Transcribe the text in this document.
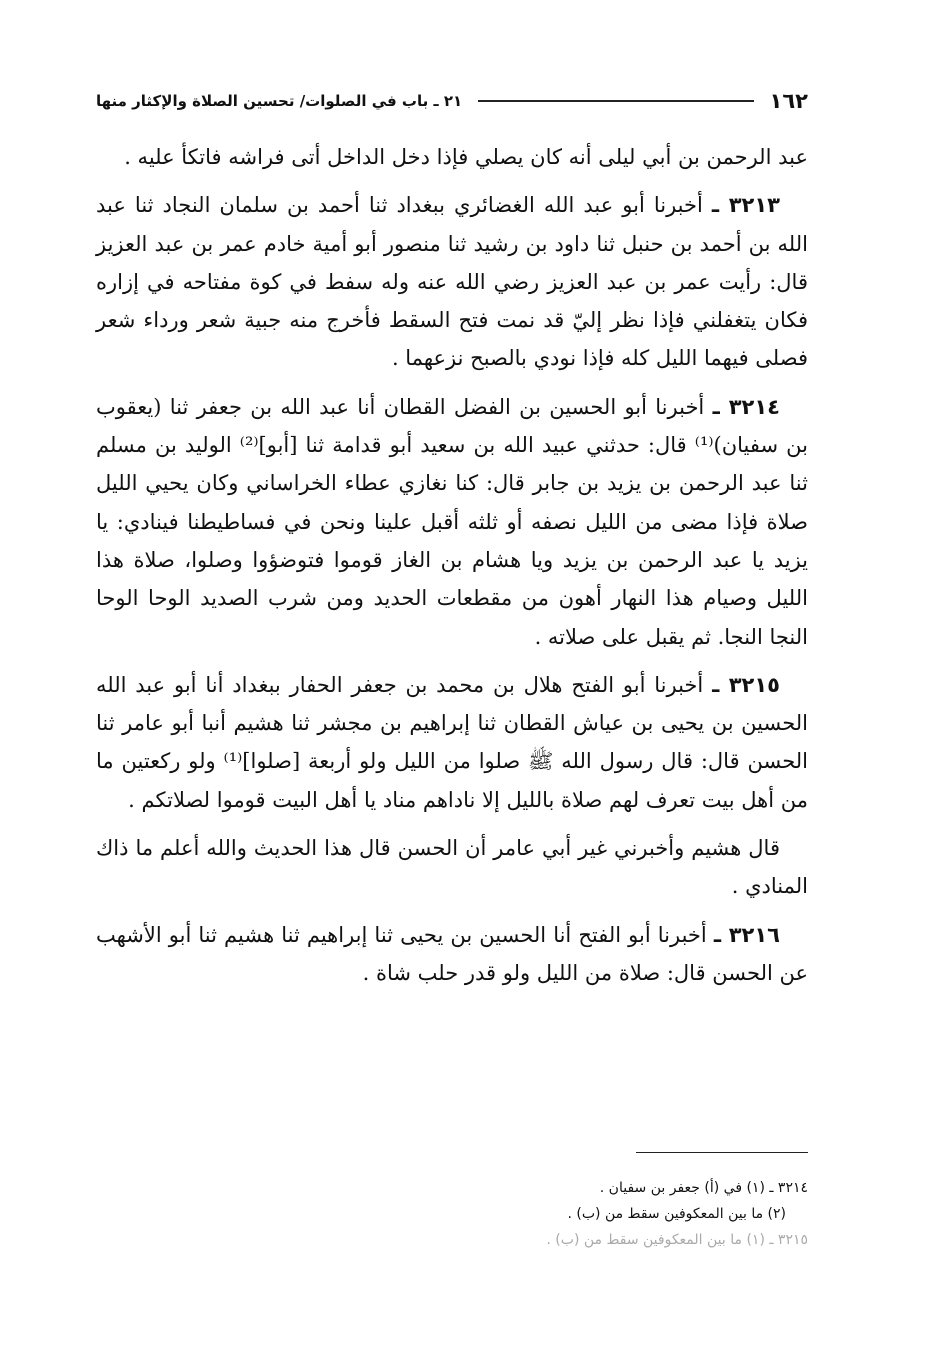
١٦٢
٢١ ـ باب في الصلوات/ تحسين الصلاة والإكثار منها

عبد الرحمن بن أبي ليلى أنه كان يصلي فإذا دخل الداخل أتى فراشه فاتكأ عليه .

٣٢١٣ ـ أخبرنا أبو عبد الله الغضائري ببغداد ثنا أحمد بن سلمان النجاد ثنا عبد الله بن أحمد بن حنبل ثنا داود بن رشيد ثنا منصور أبو أمية خادم عمر بن عبد العزيز قال: رأيت عمر بن عبد العزيز رضي الله عنه وله سفط في كوة مفتاحه في إزاره فكان يتغفلني فإذا نظر إليّ قد نمت فتح السقط فأخرج منه جبية شعر ورداء شعر فصلى فيهما الليل كله فإذا نودي بالصبح نزعهما .

٣٢١٤ ـ أخبرنا أبو الحسين بن الفضل القطان أنا عبد الله بن جعفر ثنا (يعقوب بن سفيان)⁽¹⁾ قال: حدثني عبيد الله بن سعيد أبو قدامة ثنا [أبو]⁽²⁾ الوليد بن مسلم ثنا عبد الرحمن بن يزيد بن جابر قال: كنا نغازي عطاء الخراساني وكان يحيي الليل صلاة فإذا مضى من الليل نصفه أو ثلثه أقبل علينا ونحن في فساطيطنا فينادي: يا يزيد يا عبد الرحمن بن يزيد ويا هشام بن الغاز قوموا فتوضؤوا وصلوا، صلاة هذا الليل وصيام هذا النهار أهون من مقطعات الحديد ومن شرب الصديد الوحا الوحا النجا النجا. ثم يقبل على صلاته .

٣٢١٥ ـ أخبرنا أبو الفتح هلال بن محمد بن جعفر الحفار ببغداد أنا أبو عبد الله الحسين بن يحيى بن عياش القطان ثنا إبراهيم بن مجشر ثنا هشيم أنبا أبو عامر ثنا الحسن قال: قال رسول الله ﷺ صلوا من الليل ولو أربعة [صلوا]⁽¹⁾ ولو ركعتين ما من أهل بيت تعرف لهم صلاة بالليل إلا ناداهم مناد يا أهل البيت قوموا لصلاتكم .

قال هشيم وأخبرني غير أبي عامر أن الحسن قال هذا الحديث والله أعلم ما ذاك المنادي .

٣٢١٦ ـ أخبرنا أبو الفتح أنا الحسين بن يحيى ثنا إبراهيم ثنا هشيم ثنا أبو الأشهب عن الحسن قال: صلاة من الليل ولو قدر حلب شاة .

٣٢١٤ ـ (١) في (أ) جعفر بن سفيان .
(٢) ما بين المعكوفين سقط من (ب) .
٣٢١٥ ـ (١) ما بين المعكوفين سقط من (ب) .
